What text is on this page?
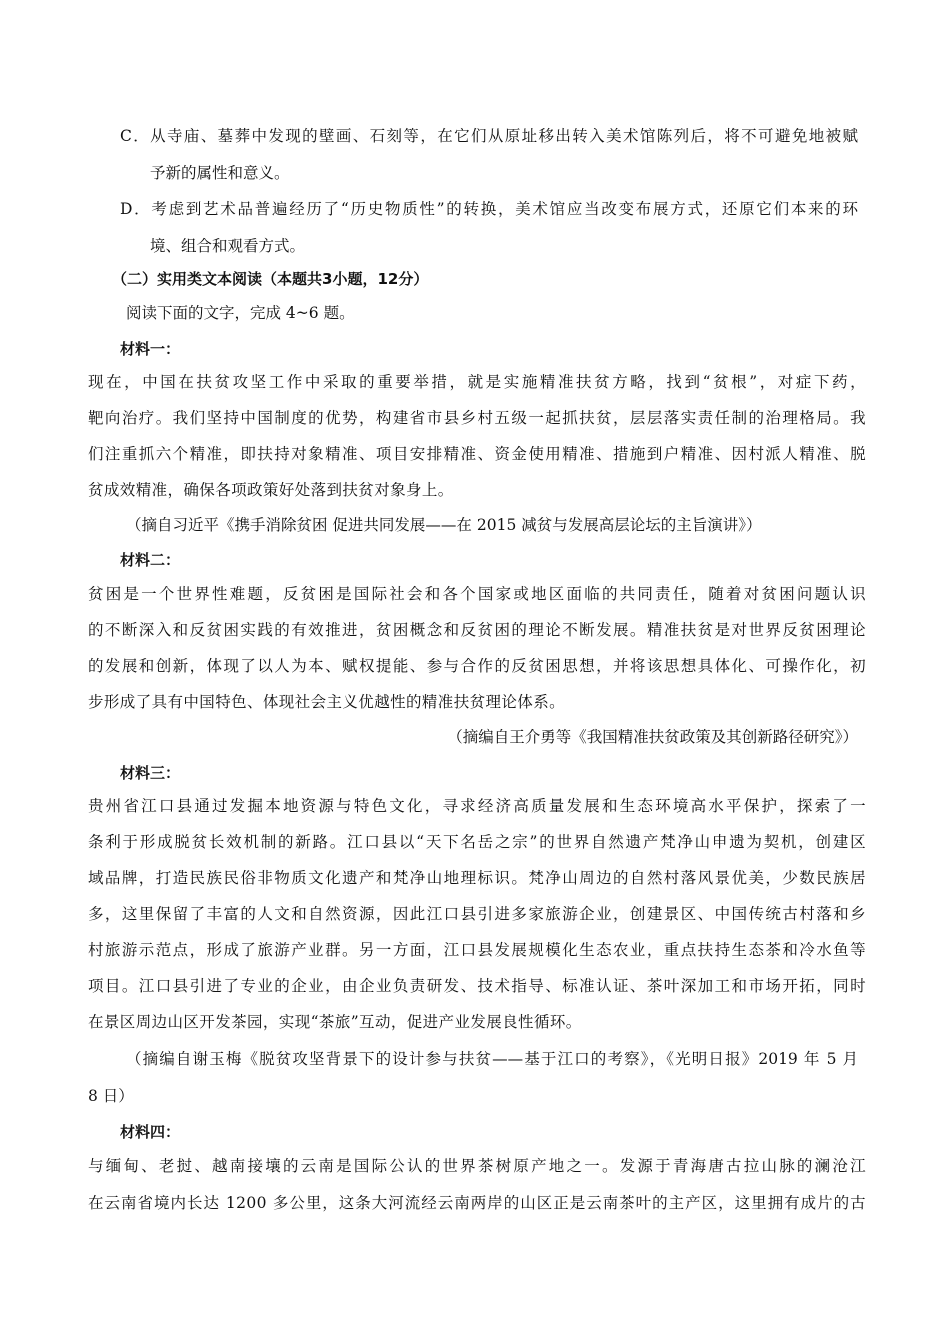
C．从寺庙、墓葬中发现的壁画、石刻等，在它们从原址移出转入美术馆陈列后，将不可避免地被赋
予新的属性和意义。
D．考虑到艺术品普遍经历了“历史物质性”的转换，美术馆应当改变布展方式，还原它们本来的环
境、组合和观看方式。
（二）实用类文本阅读（本题共3小题，12分）
阅读下面的文字，完成 4~6 题。
材料一：
现在，中国在扶贫攻坚工作中采取的重要举措，就是实施精准扶贫方略，找到“贫根”，对症下药，
靶向治疗。我们坚持中国制度的优势，构建省市县乡村五级一起抓扶贫，层层落实责任制的治理格局。我
们注重抓六个精准，即扶持对象精准、项目安排精准、资金使用精准、措施到户精准、因村派人精准、脱
贫成效精准，确保各项政策好处落到扶贫对象身上。
（摘自习近平《携手消除贫困 促进共同发展——在 2015 减贫与发展高层论坛的主旨演讲》）
材料二：
贫困是一个世界性难题，反贫困是国际社会和各个国家或地区面临的共同责任，随着对贫困问题认识
的不断深入和反贫困实践的有效推进，贫困概念和反贫困的理论不断发展。精准扶贫是对世界反贫困理论
的发展和创新，体现了以人为本、赋权提能、参与合作的反贫困思想，并将该思想具体化、可操作化，初
步形成了具有中国特色、体现社会主义优越性的精准扶贫理论体系。
（摘编自王介勇等《我国精准扶贫政策及其创新路径研究》）
材料三：
贵州省江口县通过发掘本地资源与特色文化，寻求经济高质量发展和生态环境高水平保护，探索了一
条利于形成脱贫长效机制的新路。江口县以“天下名岳之宗”的世界自然遗产梵净山申遗为契机，创建区
域品牌，打造民族民俗非物质文化遗产和梵净山地理标识。梵净山周边的自然村落风景优美，少数民族居
多，这里保留了丰富的人文和自然资源，因此江口县引进多家旅游企业，创建景区、中国传统古村落和乡
村旅游示范点，形成了旅游产业群。另一方面，江口县发展规模化生态农业，重点扶持生态茶和冷水鱼等
项目。江口县引进了专业的企业，由企业负责研发、技术指导、标准认证、茶叶深加工和市场开拓，同时
在景区周边山区开发茶园，实现“茶旅”互动，促进产业发展良性循环。
（摘编自谢玉梅《脱贫攻坚背景下的设计参与扶贫——基于江口的考察》，《光明日报》2019 年 5 月
8 日）
材料四：
与缅甸、老挝、越南接壤的云南是国际公认的世界茶树原产地之一。发源于青海唐古拉山脉的澜沧江
在云南省境内长达 1200 多公里，这条大河流经云南两岸的山区正是云南茶叶的主产区，这里拥有成片的古
